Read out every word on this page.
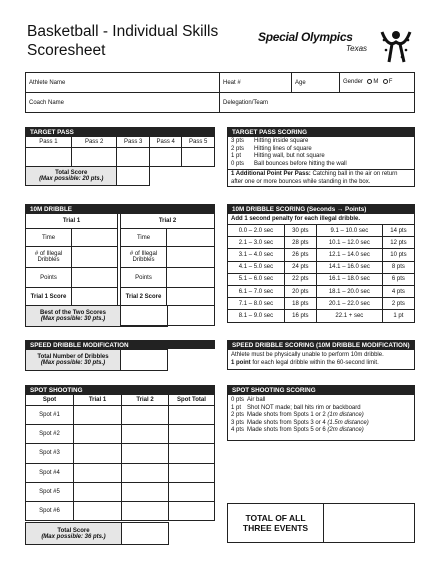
Basketball - Individual Skills
Scoresheet
Special Olympics
Texas
Athlete Name	Heat #	Age	Gender M F
Coach Name	Delegation/Team		
TARGET PASS				
Pass 1	Pass 2	Pass 3	Pass 4	Pass 5

Total Score
(Max possible: 20 pts.)				

TARGET PASS SCORING
3 pts Hitting inside square
2 pts Hitting lines of square
1 pt Hitting wall, but not square
0 pts Ball bounces before hitting the wall
1 Additional Point Per Pass: Catching ball in the air on return after one or more bounces while standing in the box.
10M DRIBBLE
Trial 1	
Time	
# of Illegal Dribbles	
Points	
Trial 1 Score	
Trial 2	
Time	
# of Illegal Dribbles	
Points	
Trial 2 Score	
Best of the Two Scores
(Max possible: 30 pts.)

10M DRIBBLE SCORING (Seconds → Points)			
Add 1 second penalty for each illegal dribble.			
0.0 – 2.0 sec	30 pts	9.1 – 10.0 sec	14 pts
2.1 – 3.0 sec	28 pts	10.1 – 12.0 sec	12 pts
3.1 – 4.0 sec	26 pts	12.1 – 14.0 sec	10 pts
4.1 – 5.0 sec	24 pts	14.1 – 16.0 sec	8 pts
5.1 – 6.0 sec	22 pts	16.1 – 18.0 sec	6 pts
6.1 – 7.0 sec	20 pts	18.1 – 20.0 sec	4 pts
7.1 – 8.0 sec	18 pts	20.1 – 22.0 sec	2 pts
8.1 – 9.0 sec	16 pts	22.1 + sec	1 pt
SPEED DRIBBLE MODIFICATION
Total Number of Dribbles
(Max possible: 30 pts.)

SPEED DRIBBLE SCORING (10M DRIBBLE MODIFICATION)
Athlete must be physically unable to perform 10m dribble.
1 point for each legal dribble within the 60-second limit.
SPOT SHOOTING			
Spot	Trial 1	Trial 2	Spot Total
Spot #1			
Spot #2			
Spot #3			
Spot #4			
Spot #5			
Spot #6			
Total Score
(Max possible: 36 pts.)

SPOT SHOOTING SCORING
0 pts Air ball
1 pt Shot NOT made; ball hits rim or backboard
2 pts Made shots from Spots 1 or 2 (1m distance)
3 pts Made shots from Spots 3 or 4 (1.5m distance)
4 pts Made shots from Spots 5 or 6 (2m distance)
TOTAL OF ALL
THREE EVENTS
